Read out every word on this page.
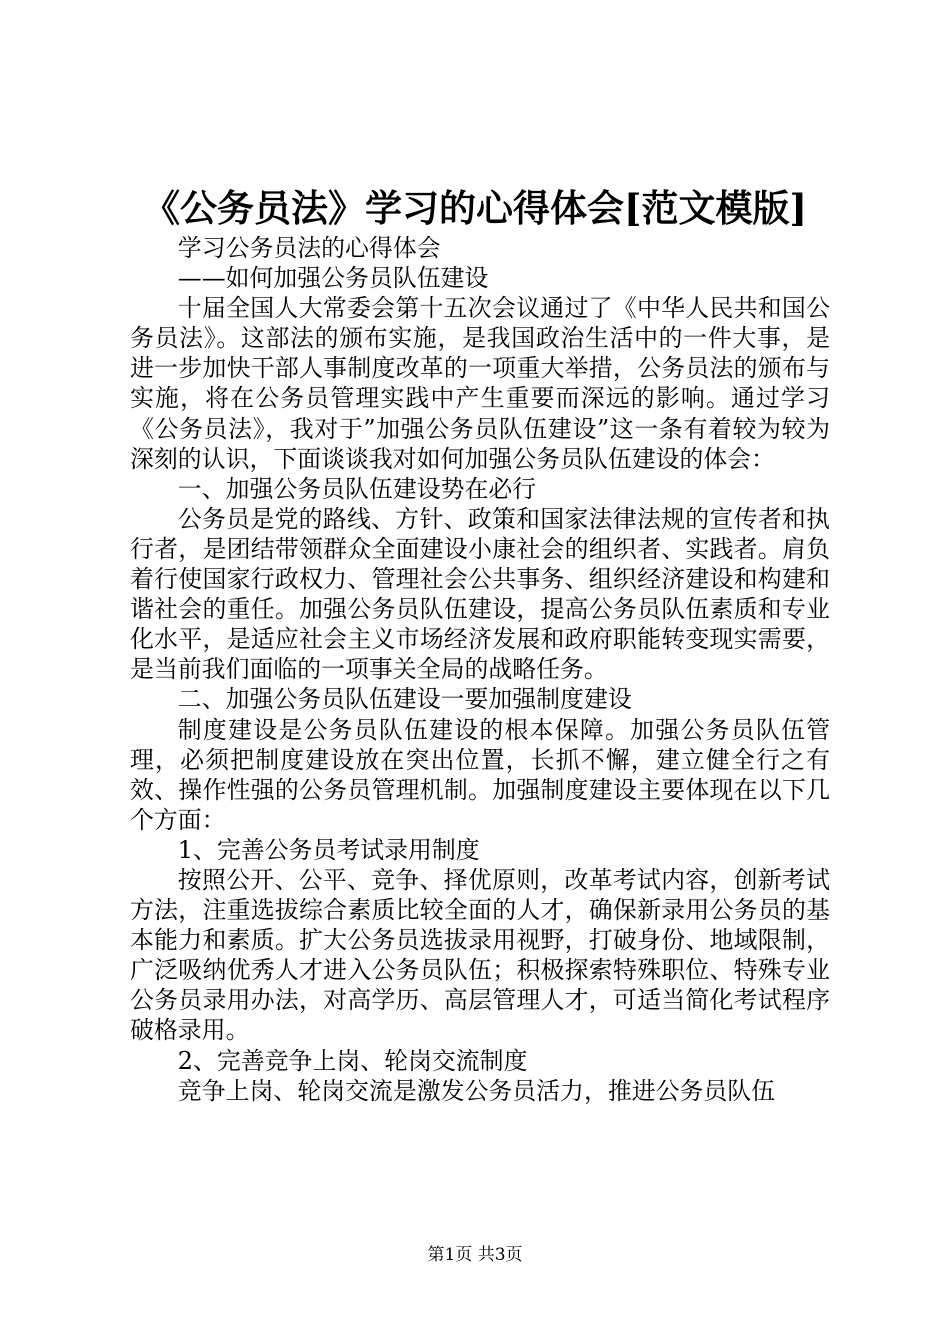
《公务员法》学习的心得体会[范文模版]

学习公务员法的心得体会

——如何加强公务员队伍建设

十届全国人大常委会第十五次会议通过了《中华人民共和国公务员法》。这部法的颁布实施，是我国政治生活中的一件大事，是进一步加快干部人事制度改革的一项重大举措，公务员法的颁布与实施，将在公务员管理实践中产生重要而深远的影响。通过学习《公务员法》，我对于”加强公务员队伍建设”这一条有着较为较为深刻的认识，下面谈谈我对如何加强公务员队伍建设的体会：

一、加强公务员队伍建设势在必行

公务员是党的路线、方针、政策和国家法律法规的宣传者和执行者，是团结带领群众全面建设小康社会的组织者、实践者。肩负着行使国家行政权力、管理社会公共事务、组织经济建设和构建和谐社会的重任。加强公务员队伍建设，提高公务员队伍素质和专业化水平，是适应社会主义市场经济发展和政府职能转变现实需要，是当前我们面临的一项事关全局的战略任务。

二、加强公务员队伍建设一要加强制度建设

制度建设是公务员队伍建设的根本保障。加强公务员队伍管理，必须把制度建设放在突出位置，长抓不懈，建立健全行之有效、操作性强的公务员管理机制。加强制度建设主要体现在以下几个方面：

1、完善公务员考试录用制度

按照公开、公平、竞争、择优原则，改革考试内容，创新考试方法，注重选拔综合素质比较全面的人才，确保新录用公务员的基本能力和素质。扩大公务员选拔录用视野，打破身份、地域限制，广泛吸纳优秀人才进入公务员队伍；积极探索特殊职位、特殊专业公务员录用办法，对高学历、高层管理人才，可适当简化考试程序破格录用。

2、完善竞争上岗、轮岗交流制度

竞争上岗、轮岗交流是激发公务员活力，推进公务员队伍

第1页 共3页
